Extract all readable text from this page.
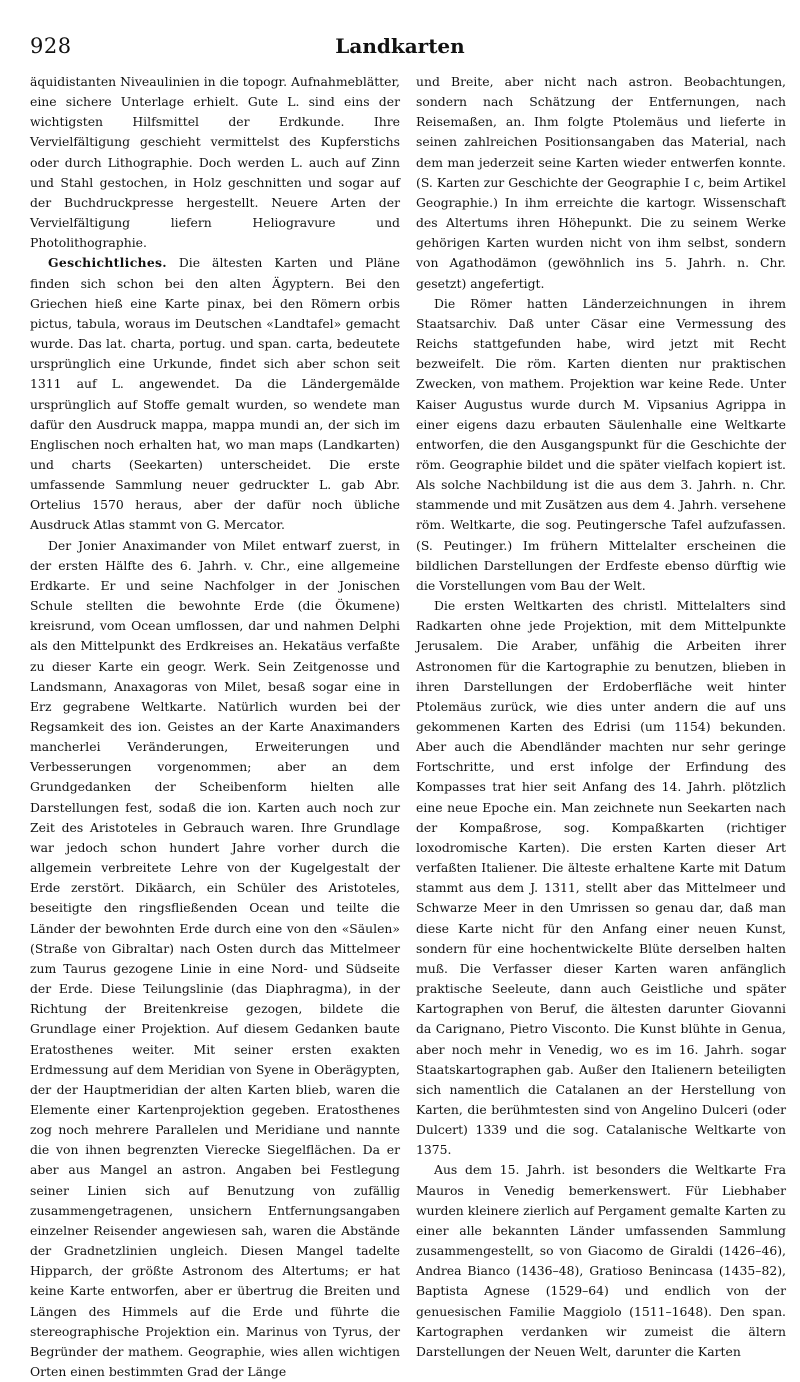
928	Landkarten

äquidistanten Niveaulinien in die topogr. Aufnahmeblätter, eine sichere Unterlage erhielt. Gute L. sind eins der wichtigsten Hilfsmittel der Erdkunde. Ihre Vervielfältigung geschieht vermittelst des Kupferstichs oder durch Lithographie. Doch werden L. auch auf Zinn und Stahl gestochen, in Holz geschnitten und sogar auf der Buchdruckpresse hergestellt. Neuere Arten der Vervielfältigung liefern Heliogravure und Photolithographie.

Geschichtliches. Die ältesten Karten und Pläne finden sich schon bei den alten Ägyptern. Bei den Griechen hieß eine Karte pinax, bei den Römern orbis pictus, tabula, woraus im Deutschen «Landtafel» gemacht wurde. Das lat. charta, portug. und span. carta, bedeutete ursprünglich eine Urkunde, findet sich aber schon seit 1311 auf L. angewendet. Da die Ländergemälde ursprünglich auf Stoffe gemalt wurden, so wendete man dafür den Ausdruck mappa, mappa mundi an, der sich im Englischen noch erhalten hat, wo man maps (Landkarten) und charts (Seekarten) unterscheidet. Die erste umfassende Sammlung neuer gedruckter L. gab Abr. Ortelius 1570 heraus, aber der dafür noch übliche Ausdruck Atlas stammt von G. Mercator.

Der Jonier Anaximander von Milet entwarf zuerst, in der ersten Hälfte des 6. Jahrh. v. Chr., eine allgemeine Erdkarte. Er und seine Nachfolger in der Jonischen Schule stellten die bewohnte Erde (die Ökumene) kreisrund, vom Ocean umflossen, dar und nahmen Delphi als den Mittelpunkt des Erdkreises an. Hekatäus verfaßte zu dieser Karte ein geogr. Werk. Sein Zeitgenosse und Landsmann, Anaxagoras von Milet, besaß sogar eine in Erz gegrabene Weltkarte. Natürlich wurden bei der Regsamkeit des ion. Geistes an der Karte Anaximanders mancherlei Veränderungen, Erweiterungen und Verbesserungen vorgenommen; aber an dem Grundgedanken der Scheibenform hielten alle Darstellungen fest, sodaß die ion. Karten auch noch zur Zeit des Aristoteles in Gebrauch waren. Ihre Grundlage war jedoch schon hundert Jahre vorher durch die allgemein verbreitete Lehre von der Kugelgestalt der Erde zerstört. Dikäarch, ein Schüler des Aristoteles, beseitigte den ringsfließenden Ocean und teilte die Länder der bewohnten Erde durch eine von den «Säulen» (Straße von Gibraltar) nach Osten durch das Mittelmeer zum Taurus gezogene Linie in eine Nord- und Südseite der Erde. Diese Teilungslinie (das Diaphragma), in der Richtung der Breitenkreise gezogen, bildete die Grundlage einer Projektion. Auf diesem Gedanken baute Eratosthenes weiter. Mit seiner ersten exakten Erdmessung auf dem Meridian von Syene in Oberägypten, der der Hauptmeridian der alten Karten blieb, waren die Elemente einer Kartenprojektion gegeben. Eratosthenes zog noch mehrere Parallelen und Meridiane und nannte die von ihnen begrenzten Vierecke Siegelflächen. Da er aber aus Mangel an astron. Angaben bei Festlegung seiner Linien sich auf Benutzung von zufällig zusammengetragenen, unsichern Entfernungsangaben einzelner Reisender angewiesen sah, waren die Abstände der Gradnetzlinien ungleich. Diesen Mangel tadelte Hipparch, der größte Astronom des Altertums; er hat keine Karte entworfen, aber er übertrug die Breiten und Längen des Himmels auf die Erde und führte die stereographische Projektion ein. Marinus von Tyrus, der Begründer der mathem. Geographie, wies allen wichtigen Orten einen bestimmten Grad der Länge

und Breite, aber nicht nach astron. Beobachtungen, sondern nach Schätzung der Entfernungen, nach Reisemaßen, an. Ihm folgte Ptolemäus und lieferte in seinen zahlreichen Positionsangaben das Material, nach dem man jederzeit seine Karten wieder entwerfen konnte. (S. Karten zur Geschichte der Geographie I c, beim Artikel Geographie.) In ihm erreichte die kartogr. Wissenschaft des Altertums ihren Höhepunkt. Die zu seinem Werke gehörigen Karten wurden nicht von ihm selbst, sondern von Agathodämon (gewöhnlich ins 5. Jahrh. n. Chr. gesetzt) angefertigt.

Die Römer hatten Länderzeichnungen in ihrem Staatsarchiv. Daß unter Cäsar eine Vermessung des Reichs stattgefunden habe, wird jetzt mit Recht bezweifelt. Die röm. Karten dienten nur praktischen Zwecken, von mathem. Projektion war keine Rede. Unter Kaiser Augustus wurde durch M. Vipsanius Agrippa in einer eigens dazu erbauten Säulenhalle eine Weltkarte entworfen, die den Ausgangspunkt für die Geschichte der röm. Geographie bildet und die später vielfach kopiert ist. Als solche Nachbildung ist die aus dem 3. Jahrh. n. Chr. stammende und mit Zusätzen aus dem 4. Jahrh. versehene röm. Weltkarte, die sog. Peutingersche Tafel aufzufassen. (S. Peutinger.) Im frühern Mittelalter erscheinen die bildlichen Darstellungen der Erdfeste ebenso dürftig wie die Vorstellungen vom Bau der Welt.

Die ersten Weltkarten des christl. Mittelalters sind Radkarten ohne jede Projektion, mit dem Mittelpunkte Jerusalem. Die Araber, unfähig die Arbeiten ihrer Astronomen für die Kartographie zu benutzen, blieben in ihren Darstellungen der Erdoberfläche weit hinter Ptolemäus zurück, wie dies unter andern die auf uns gekommenen Karten des Edrisi (um 1154) bekunden. Aber auch die Abendländer machten nur sehr geringe Fortschritte, und erst infolge der Erfindung des Kompasses trat hier seit Anfang des 14. Jahrh. plötzlich eine neue Epoche ein. Man zeichnete nun Seekarten nach der Kompaßrose, sog. Kompaßkarten (richtiger loxodromische Karten). Die ersten Karten dieser Art verfaßten Italiener. Die älteste erhaltene Karte mit Datum stammt aus dem J. 1311, stellt aber das Mittelmeer und Schwarze Meer in den Umrissen so genau dar, daß man diese Karte nicht für den Anfang einer neuen Kunst, sondern für eine hochentwickelte Blüte derselben halten muß. Die Verfasser dieser Karten waren anfänglich praktische Seeleute, dann auch Geistliche und später Kartographen von Beruf, die ältesten darunter Giovanni da Carignano, Pietro Visconto. Die Kunst blühte in Genua, aber noch mehr in Venedig, wo es im 16. Jahrh. sogar Staatskartographen gab. Außer den Italienern beteiligten sich namentlich die Catalanen an der Herstellung von Karten, die berühmtesten sind von Angelino Dulceri (oder Dulcert) 1339 und die sog. Catalanische Weltkarte von 1375.

Aus dem 15. Jahrh. ist besonders die Weltkarte Fra Mauros in Venedig bemerkenswert. Für Liebhaber wurden kleinere zierlich auf Pergament gemalte Karten zu einer alle bekannten Länder umfassenden Sammlung zusammengestellt, so von Giacomo de Giraldi (1426–46), Andrea Bianco (1436–48), Gratioso Benincasa (1435–82), Baptista Agnese (1529–64) und endlich von der genuesischen Familie Maggiolo (1511–1648). Den span. Kartographen verdanken wir zumeist die ältern Darstellungen der Neuen Welt, darunter die Karten
